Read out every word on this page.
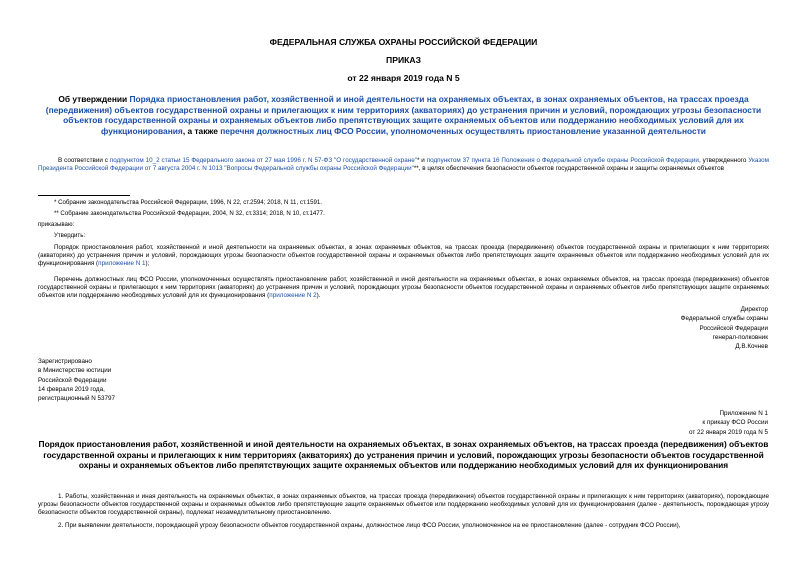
ФЕДЕРАЛЬНАЯ СЛУЖБА ОХРАНЫ РОССИЙСКОЙ ФЕДЕРАЦИИ
ПРИКАЗ
от 22 января 2019 года N 5
Об утверждении Порядка приостановления работ, хозяйственной и иной деятельности на охраняемых объектах, в зонах охраняемых объектов, на трассах проезда (передвижения) объектов государственной охраны и прилегающих к ним территориях (акваториях) до устранения причин и условий, порождающих угрозы безопасности объектов государственной охраны и охраняемых объектов либо препятствующих защите охраняемых объектов или поддержанию необходимых условий для их функционирования, а также перечня должностных лиц ФСО России, уполномоченных осуществлять приостановление указанной деятельности
В соответствии с подпунктом 10_2 статьи 15 Федерального закона от 27 мая 1996 г. N 57-ФЗ "О государственной охране"* и подпунктом 37 пункта 16 Положения о Федеральной службе охраны Российской Федерации, утвержденного Указом Президента Российской Федерации от 7 августа 2004 г. N 1013 "Вопросы Федеральной службы охраны Российской Федерации"**, в целях обеспечения безопасности объектов государственной охраны и защиты охраняемых объектов
* Собрание законодательства Российской Федерации, 1996, N 22, ст.2594; 2018, N 11, ст.1591.
** Собрание законодательства Российской Федерации, 2004, N 32, ст.3314; 2018, N 10, ст.1477.
приказываю:
Утвердить:
Порядок приостановления работ, хозяйственной и иной деятельности на охраняемых объектах, в зонах охраняемых объектов, на трассах проезда (передвижения) объектов государственной охраны и прилегающих к ним территориях (акваториях) до устранения причин и условий, порождающих угрозы безопасности объектов государственной охраны и охраняемых объектов либо препятствующих защите охраняемых объектов или поддержанию необходимых условий для их функционирования (приложение N 1);
Перечень должностных лиц ФСО России, уполномоченных осуществлять приостановление работ, хозяйственной и иной деятельности на охраняемых объектах, в зонах охраняемых объектов, на трассах проезда (передвижения) объектов государственной охраны и прилегающих к ним территориях (акваториях) до устранения причин и условий, порождающих угрозы безопасности объектов государственной охраны и охраняемых объектов либо препятствующих защите охраняемых объектов или поддержанию необходимых условий для их функционирования (приложение N 2).
Директор
Федеральной службы охраны
Российской Федерации
генерал-полковник
Д.В.Кочнев
Зарегистрировано
в Министерстве юстиции
Российской Федерации
14 февраля 2019 года,
регистрационный N 53797
Приложение N 1
к приказу ФСО России
от 22 января 2019 года N 5
Порядок приостановления работ, хозяйственной и иной деятельности на охраняемых объектах, в зонах охраняемых объектов, на трассах проезда (передвижения) объектов государственной охраны и прилегающих к ним территориях (акваториях) до устранения причин и условий, порождающих угрозы безопасности объектов государственной охраны и охраняемых объектов либо препятствующих защите охраняемых объектов или поддержанию необходимых условий для их функционирования
1. Работы, хозяйственная и иная деятельность на охраняемых объектах, в зонах охраняемых объектов, на трассах проезда (передвижения) объектов государственной охраны и прилегающих к ним территориях (акваториях), порождающие угрозы безопасности объектов государственной охраны и охраняемых объектов либо препятствующие защите охраняемых объектов или поддержанию необходимых условий для их функционирования (далее - деятельность, порождающая угрозу безопасности объектов государственной охраны), подлежат незамедлительному приостановлению.
2. При выявлении деятельности, порождающей угрозу безопасности объектов государственной охраны, должностное лицо ФСО России, уполномоченное на ее приостановление (далее - сотрудник ФСО России),
